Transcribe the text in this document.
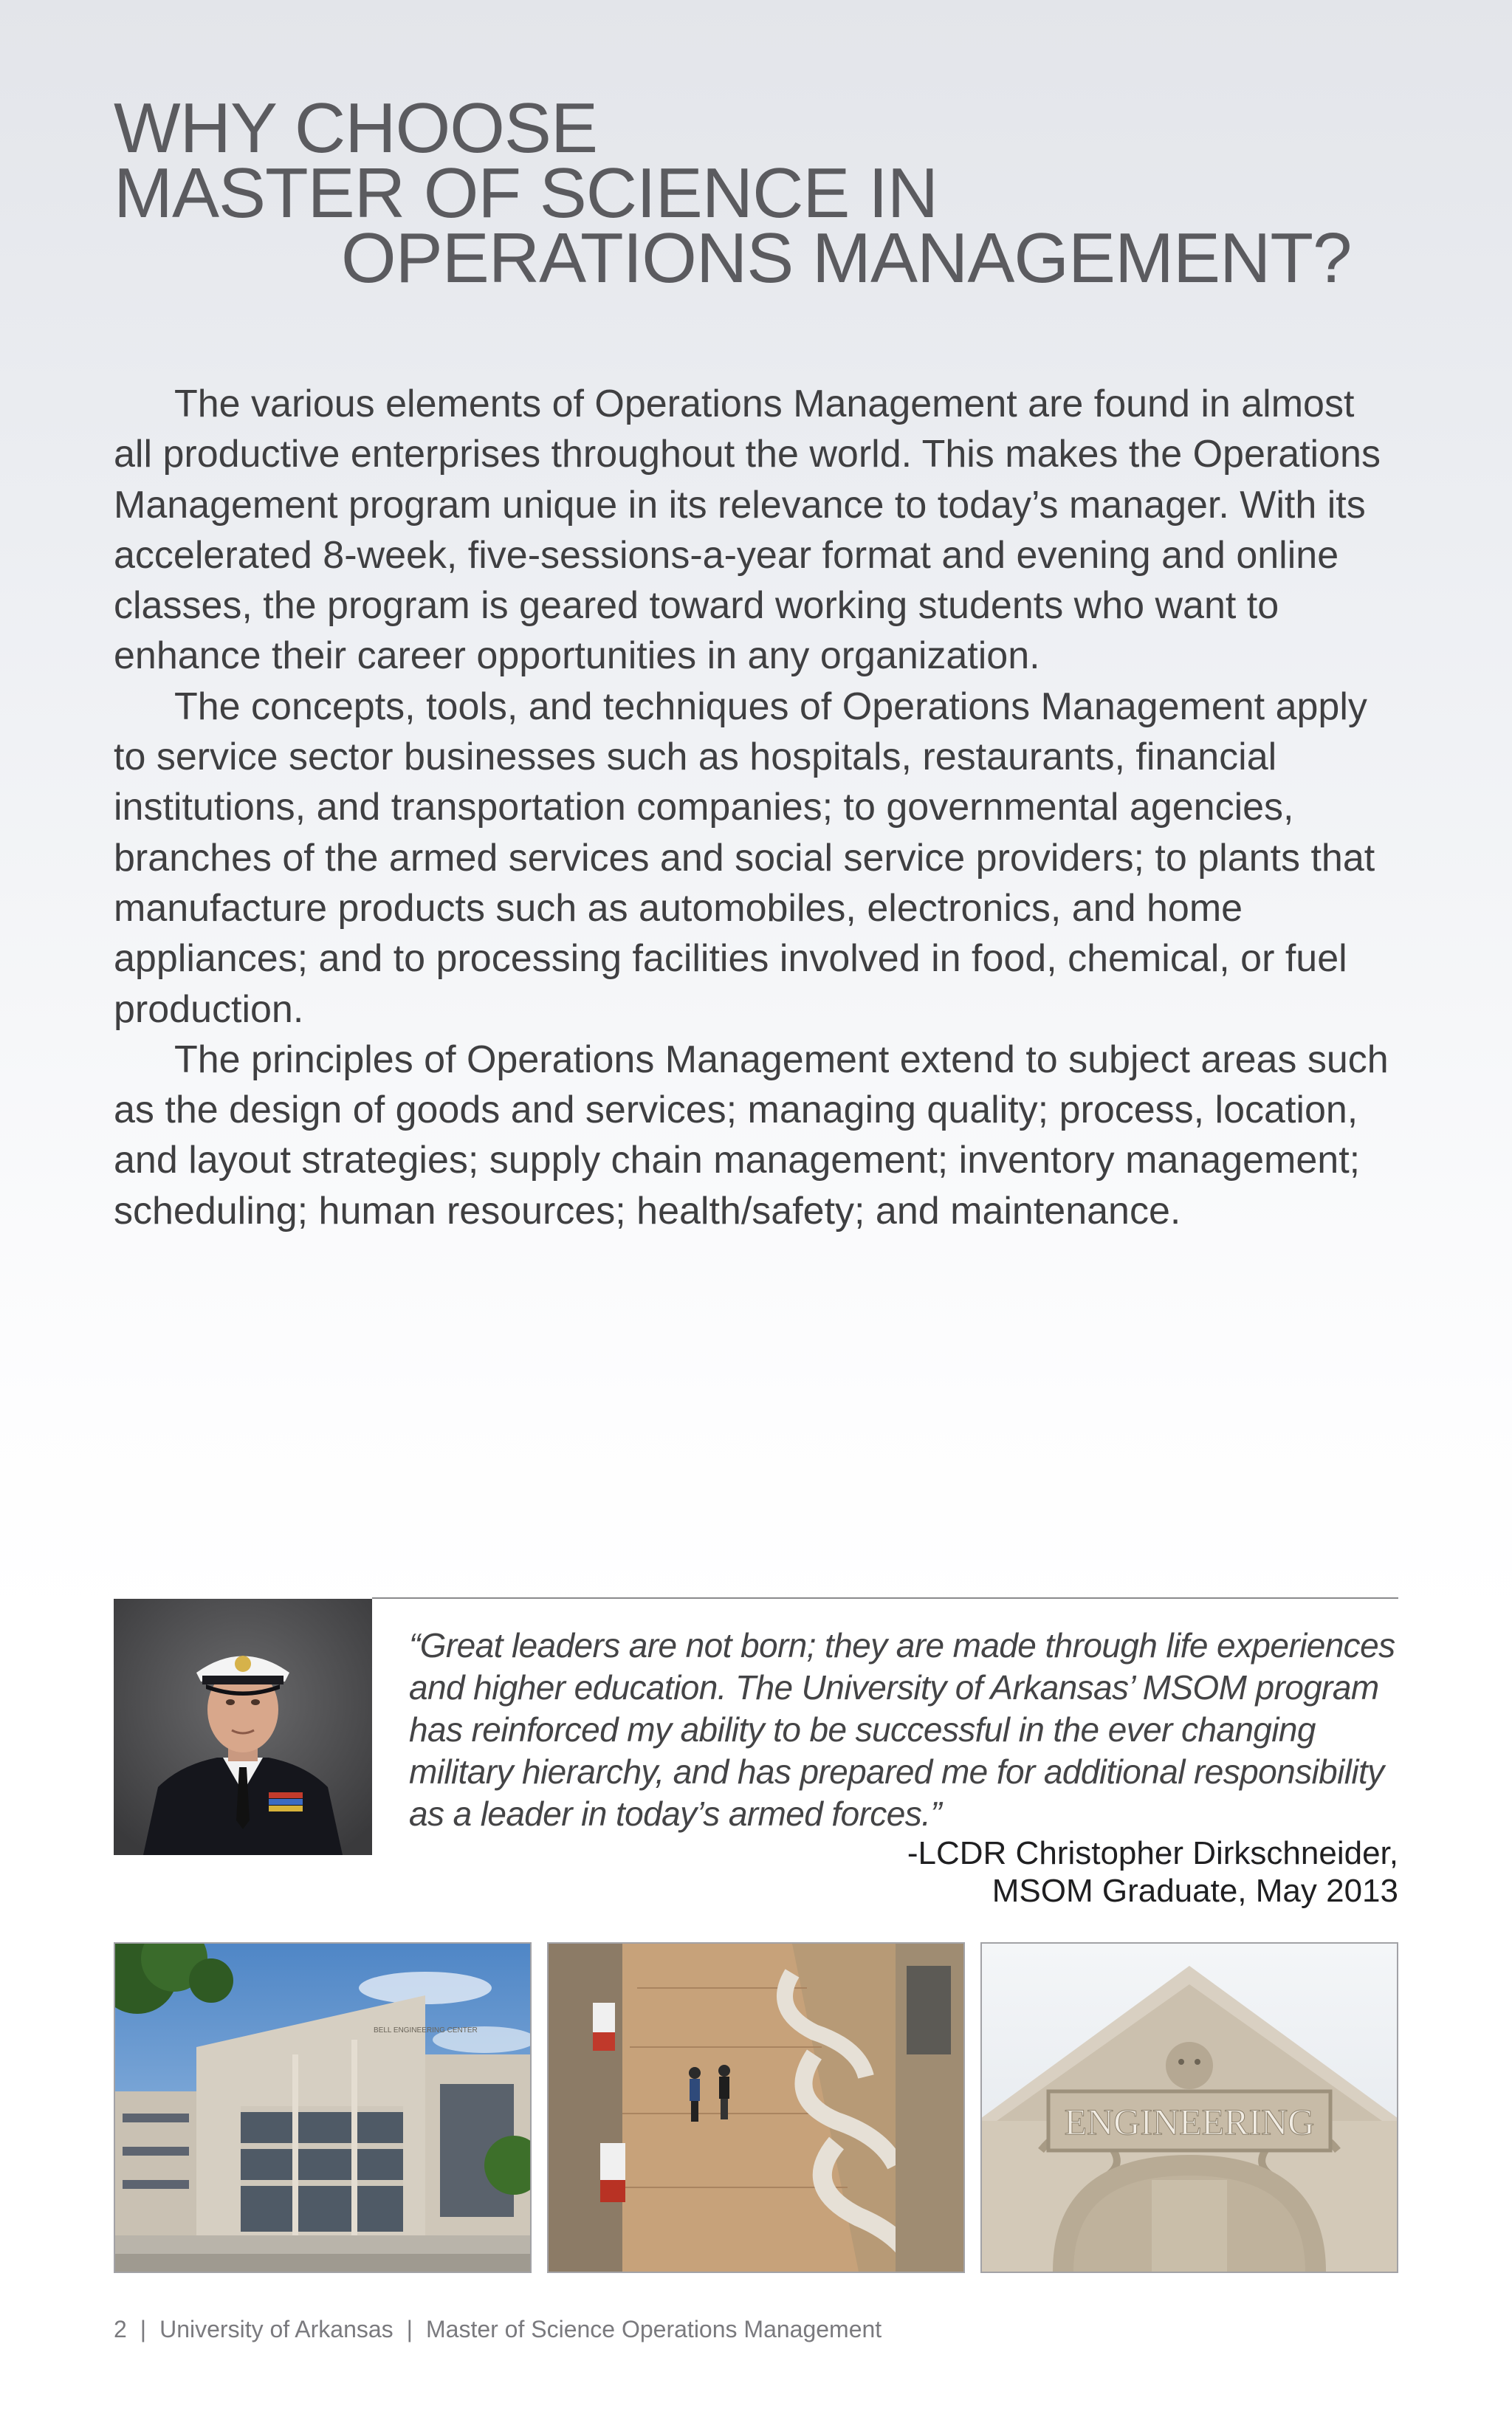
WHY CHOOSE
MASTER OF SCIENCE IN
OPERATIONS MANAGEMENT?

The various elements of Operations Management are found in almost all productive enterprises throughout the world. This makes the Operations Management program unique in its relevance to today’s manager. With its accelerated 8-week, five-sessions-a-year format and evening and online classes, the program is geared toward working students who want to enhance their career opportunities in any organization.

The concepts, tools, and techniques of Operations Management apply to service sector businesses such as hospitals, restaurants, financial institutions, and transportation companies; to governmental agencies, branches of the armed services and social service providers; to plants that manufacture products such as automobiles, electronics, and home appliances; and to processing facilities involved in food, chemical, or fuel production.

The principles of Operations Management extend to subject areas such as the design of goods and services; managing quality; process, location, and layout strategies; supply chain management; inventory management; scheduling; human resources; health/safety; and maintenance.

“Great leaders are not born; they are made through life experiences and higher education. The University of Arkansas’ MSOM program has reinforced my ability to be successful in the ever changing military hierarchy, and has prepared me for additional responsibility as a leader in today’s armed forces.”

-LCDR Christopher Dirkschneider,
MSOM Graduate, May 2013
BELL ENGINEERING CENTER
ENGINEERING
2 | University of Arkansas | Master of Science Operations Management
